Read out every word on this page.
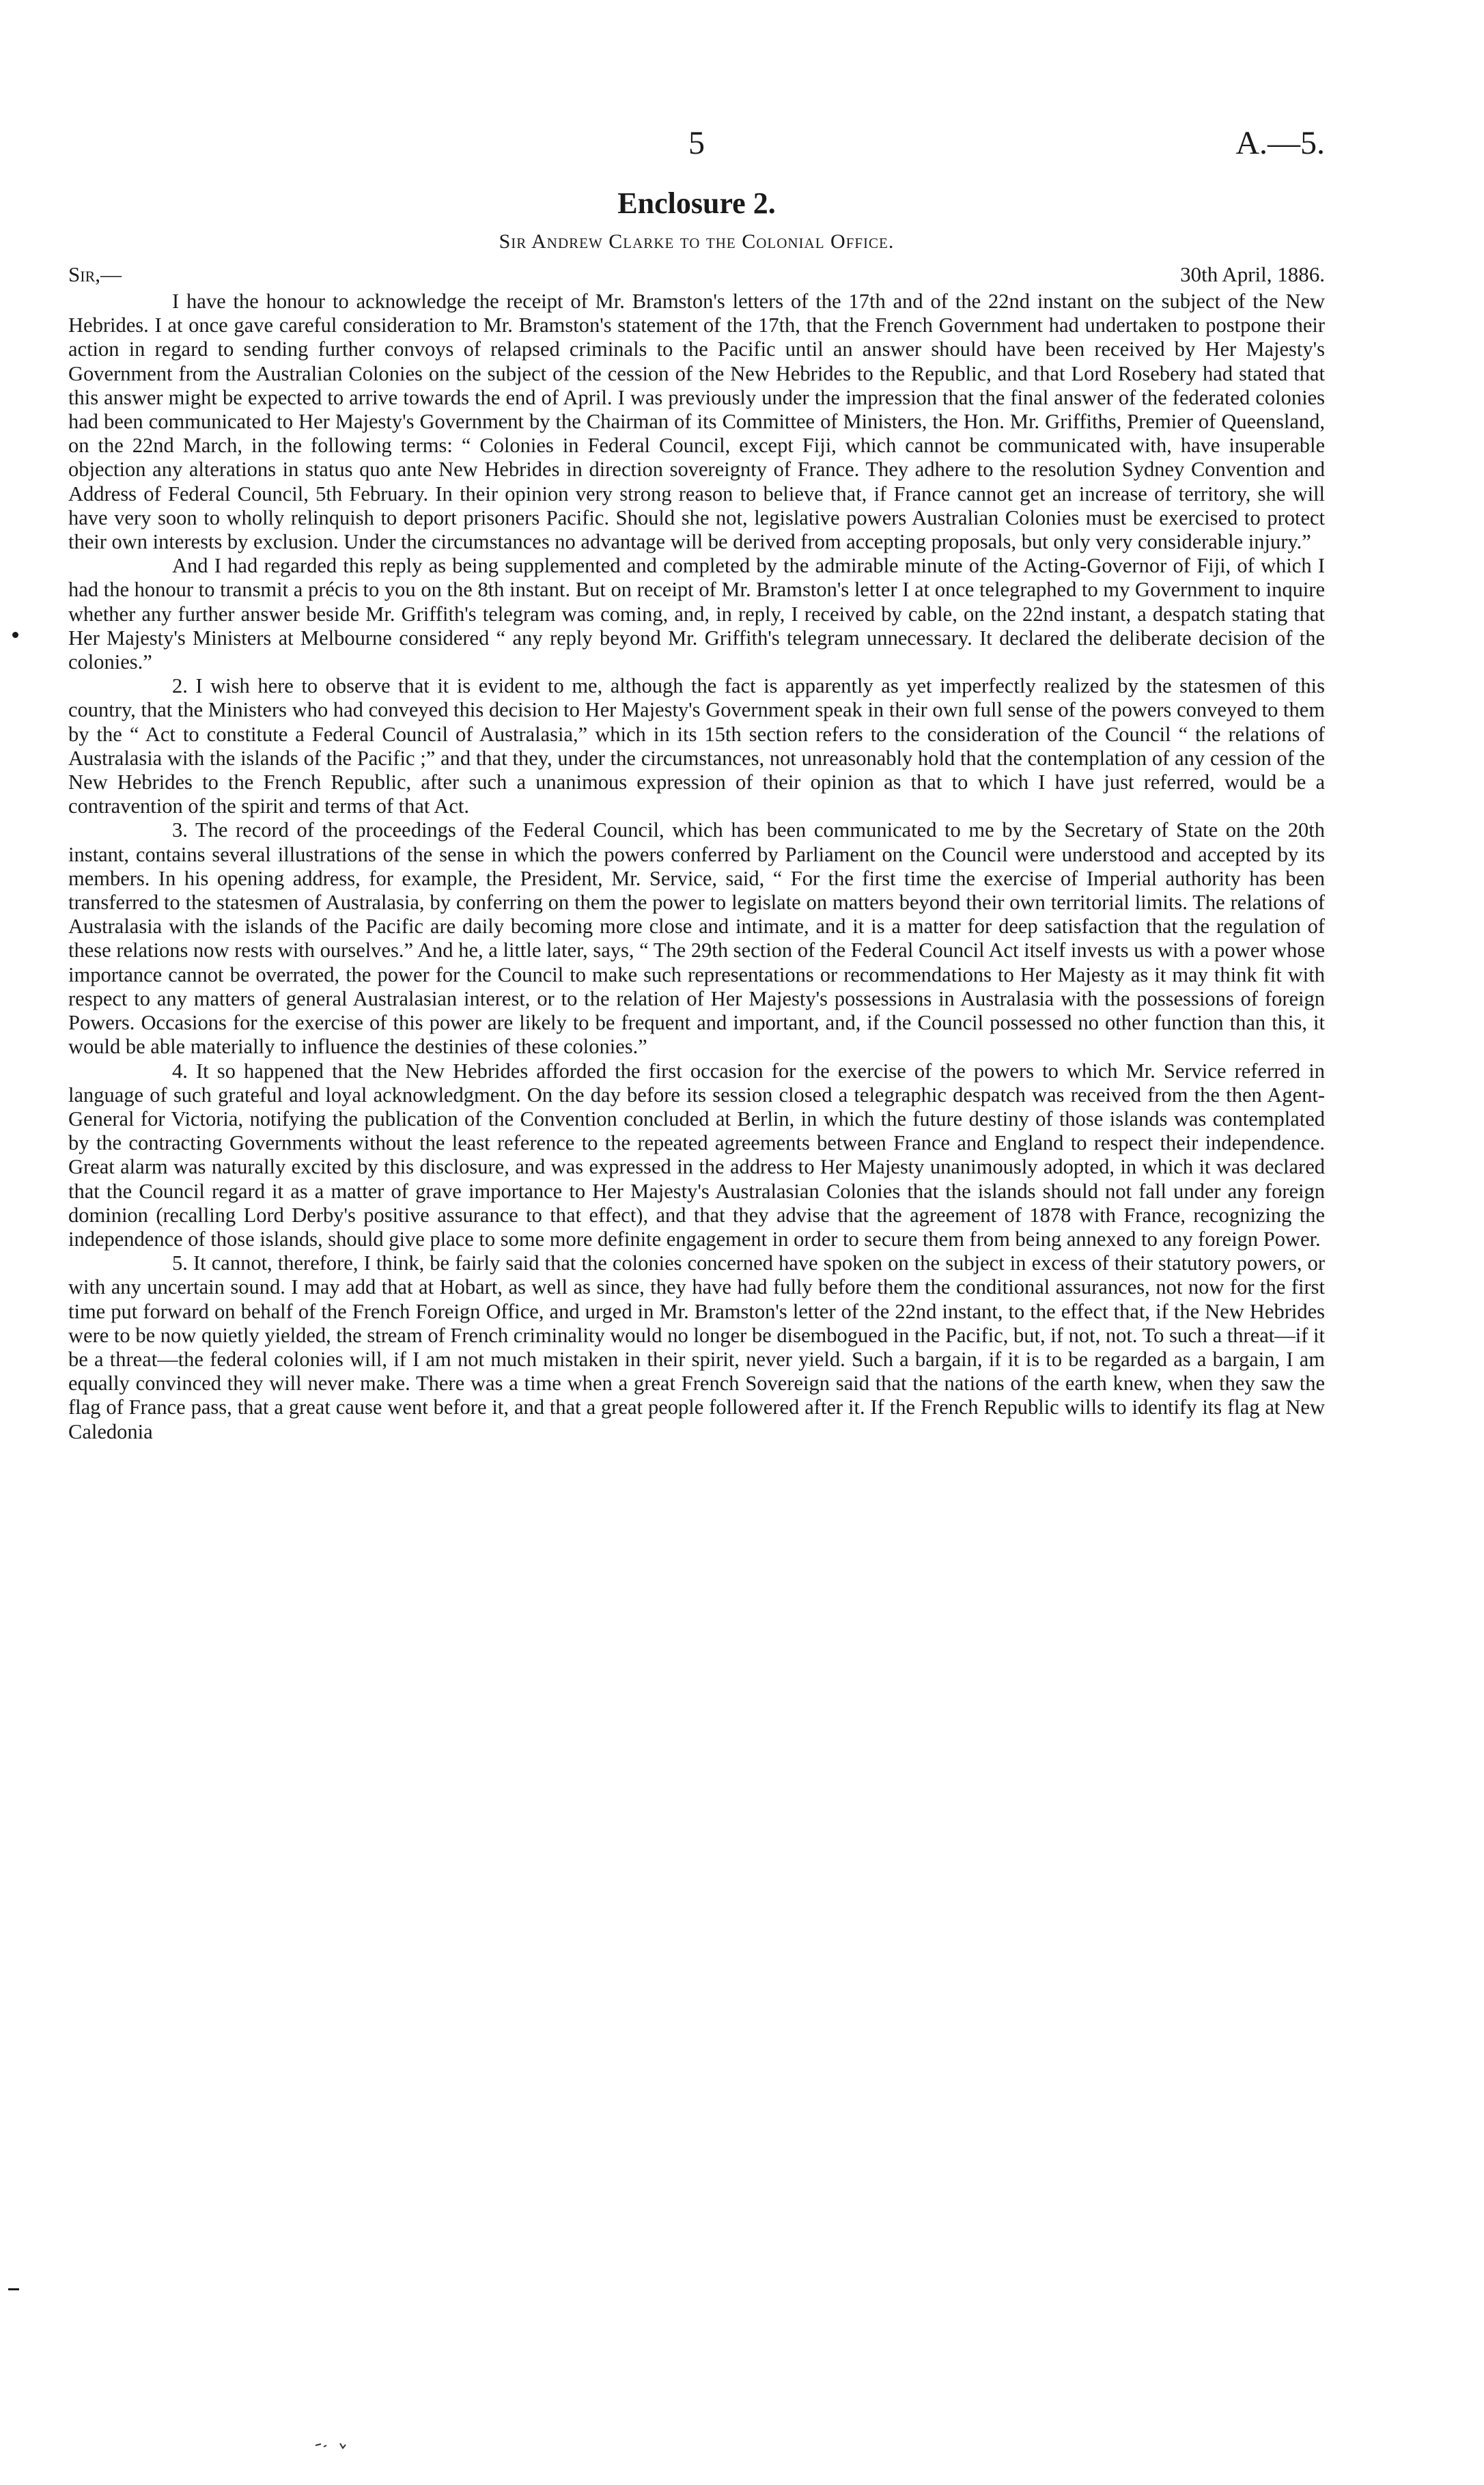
5	A.—5.
Enclosure 2.
Sir Andrew Clarke to the Colonial Office.
Sir,—	30th April, 1886.

I have the honour to acknowledge the receipt of Mr. Bramston's letters of the 17th and of the 22nd instant on the subject of the New Hebrides. I at once gave careful consideration to Mr. Bramston's statement of the 17th, that the French Government had undertaken to postpone their action in regard to sending further convoys of relapsed criminals to the Pacific until an answer should have been received by Her Majesty's Government from the Australian Colonies on the subject of the cession of the New Hebrides to the Republic, and that Lord Rosebery had stated that this answer might be expected to arrive towards the end of April. I was previously under the impression that the final answer of the federated colonies had been communicated to Her Majesty's Government by the Chairman of its Committee of Ministers, the Hon. Mr. Griffiths, Premier of Queensland, on the 22nd March, in the following terms: “ Colonies in Federal Council, except Fiji, which cannot be communicated with, have insuperable objection any alterations in status quo ante New Hebrides in direction sovereignty of France. They adhere to the resolution Sydney Convention and Address of Federal Council, 5th February. In their opinion very strong reason to believe that, if France cannot get an increase of territory, she will have very soon to wholly relinquish to deport prisoners Pacific. Should she not, legislative powers Australian Colonies must be exercised to protect their own interests by exclusion. Under the circumstances no advantage will be derived from accepting proposals, but only very considerable injury.”

And I had regarded this reply as being supplemented and completed by the admirable minute of the Acting-Governor of Fiji, of which I had the honour to transmit a précis to you on the 8th instant. But on receipt of Mr. Bramston's letter I at once telegraphed to my Government to inquire whether any further answer beside Mr. Griffith's telegram was coming, and, in reply, I received by cable, on the 22nd instant, a despatch stating that Her Majesty's Ministers at Melbourne considered “ any reply beyond Mr. Griffith's telegram unnecessary. It declared the deliberate decision of the colonies.”

2. I wish here to observe that it is evident to me, although the fact is apparently as yet imperfectly realized by the statesmen of this country, that the Ministers who had conveyed this decision to Her Majesty's Government speak in their own full sense of the powers conveyed to them by the “ Act to constitute a Federal Council of Australasia,” which in its 15th section refers to the consideration of the Council “ the relations of Australasia with the islands of the Pacific ;” and that they, under the circumstances, not unreasonably hold that the contemplation of any cession of the New Hebrides to the French Republic, after such a unanimous expression of their opinion as that to which I have just referred, would be a contravention of the spirit and terms of that Act.

3. The record of the proceedings of the Federal Council, which has been communicated to me by the Secretary of State on the 20th instant, contains several illustrations of the sense in which the powers conferred by Parliament on the Council were understood and accepted by its members. In his opening address, for example, the President, Mr. Service, said, “ For the first time the exercise of Imperial authority has been transferred to the statesmen of Australasia, by conferring on them the power to legislate on matters beyond their own territorial limits. The relations of Australasia with the islands of the Pacific are daily becoming more close and intimate, and it is a matter for deep satisfaction that the regulation of these relations now rests with ourselves.” And he, a little later, says, “ The 29th section of the Federal Council Act itself invests us with a power whose importance cannot be overrated, the power for the Council to make such representations or recommendations to Her Majesty as it may think fit with respect to any matters of general Australasian interest, or to the relation of Her Majesty's possessions in Australasia with the possessions of foreign Powers. Occasions for the exercise of this power are likely to be frequent and important, and, if the Council possessed no other function than this, it would be able materially to influence the destinies of these colonies.”

4. It so happened that the New Hebrides afforded the first occasion for the exercise of the powers to which Mr. Service referred in language of such grateful and loyal acknowledgment. On the day before its session closed a telegraphic despatch was received from the then Agent-General for Victoria, notifying the publication of the Convention concluded at Berlin, in which the future destiny of those islands was contemplated by the contracting Governments without the least reference to the repeated agreements between France and England to respect their independence. Great alarm was naturally excited by this disclosure, and was expressed in the address to Her Majesty unanimously adopted, in which it was declared that the Council regard it as a matter of grave importance to Her Majesty's Australasian Colonies that the islands should not fall under any foreign dominion (recalling Lord Derby's positive assurance to that effect), and that they advise that the agreement of 1878 with France, recognizing the independence of those islands, should give place to some more definite engagement in order to secure them from being annexed to any foreign Power.

5. It cannot, therefore, I think, be fairly said that the colonies concerned have spoken on the subject in excess of their statutory powers, or with any uncertain sound. I may add that at Hobart, as well as since, they have had fully before them the conditional assurances, not now for the first time put forward on behalf of the French Foreign Office, and urged in Mr. Bramston's letter of the 22nd instant, to the effect that, if the New Hebrides were to be now quietly yielded, the stream of French criminality would no longer be disembogued in the Pacific, but, if not, not. To such a threat—if it be a threat—the federal colonies will, if I am not much mistaken in their spirit, never yield. Such a bargain, if it is to be regarded as a bargain, I am equally convinced they will never make. There was a time when a great French Sovereign said that the nations of the earth knew, when they saw the flag of France pass, that a great cause went before it, and that a great people followered after it. If the French Republic wills to identify its flag at New Caledonia
